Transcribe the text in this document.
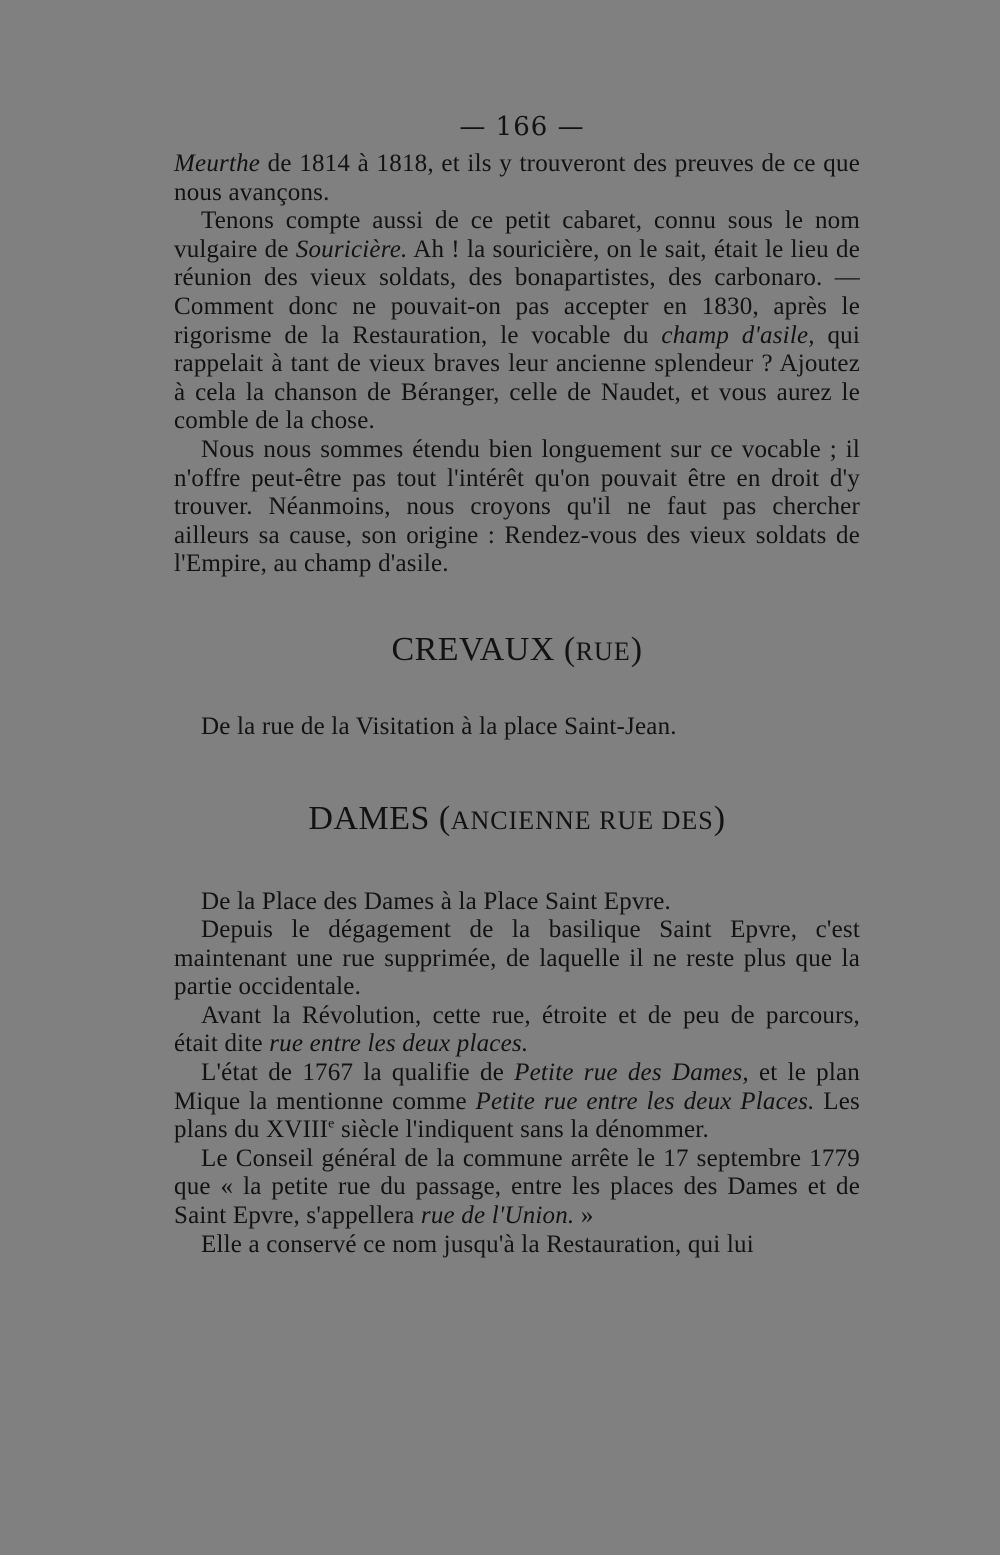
— 166 —

Meurthe de 1814 à 1818, et ils y trouveront des preuves de ce que nous avançons.

Tenons compte aussi de ce petit cabaret, connu sous le nom vulgaire de Souricière. Ah ! la souricière, on le sait, était le lieu de réunion des vieux soldats, des bonapartistes, des carbonaro. — Comment donc ne pouvait-on pas accepter en 1830, après le rigorisme de la Restauration, le vocable du champ d'asile, qui rappelait à tant de vieux braves leur ancienne splendeur ? Ajoutez à cela la chanson de Béranger, celle de Naudet, et vous aurez le comble de la chose.

Nous nous sommes étendu bien longuement sur ce vocable ; il n'offre peut-être pas tout l'intérêt qu'on pouvait être en droit d'y trouver. Néanmoins, nous croyons qu'il ne faut pas chercher ailleurs sa cause, son origine : Rendez-vous des vieux soldats de l'Empire, au champ d'asile.

CREVAUX (RUE)

De la rue de la Visitation à la place Saint-Jean.

DAMES (ANCIENNE RUE DES)

De la Place des Dames à la Place Saint Epvre.

Depuis le dégagement de la basilique Saint Epvre, c'est maintenant une rue supprimée, de laquelle il ne reste plus que la partie occidentale.

Avant la Révolution, cette rue, étroite et de peu de parcours, était dite rue entre les deux places.

L'état de 1767 la qualifie de Petite rue des Dames, et le plan Mique la mentionne comme Petite rue entre les deux Places. Les plans du XVIIIe siècle l'indiquent sans la dénommer.

Le Conseil général de la commune arrête le 17 septembre 1779 que « la petite rue du passage, entre les places des Dames et de Saint Epvre, s'appellera rue de l'Union. »

Elle a conservé ce nom jusqu'à la Restauration, qui lui
